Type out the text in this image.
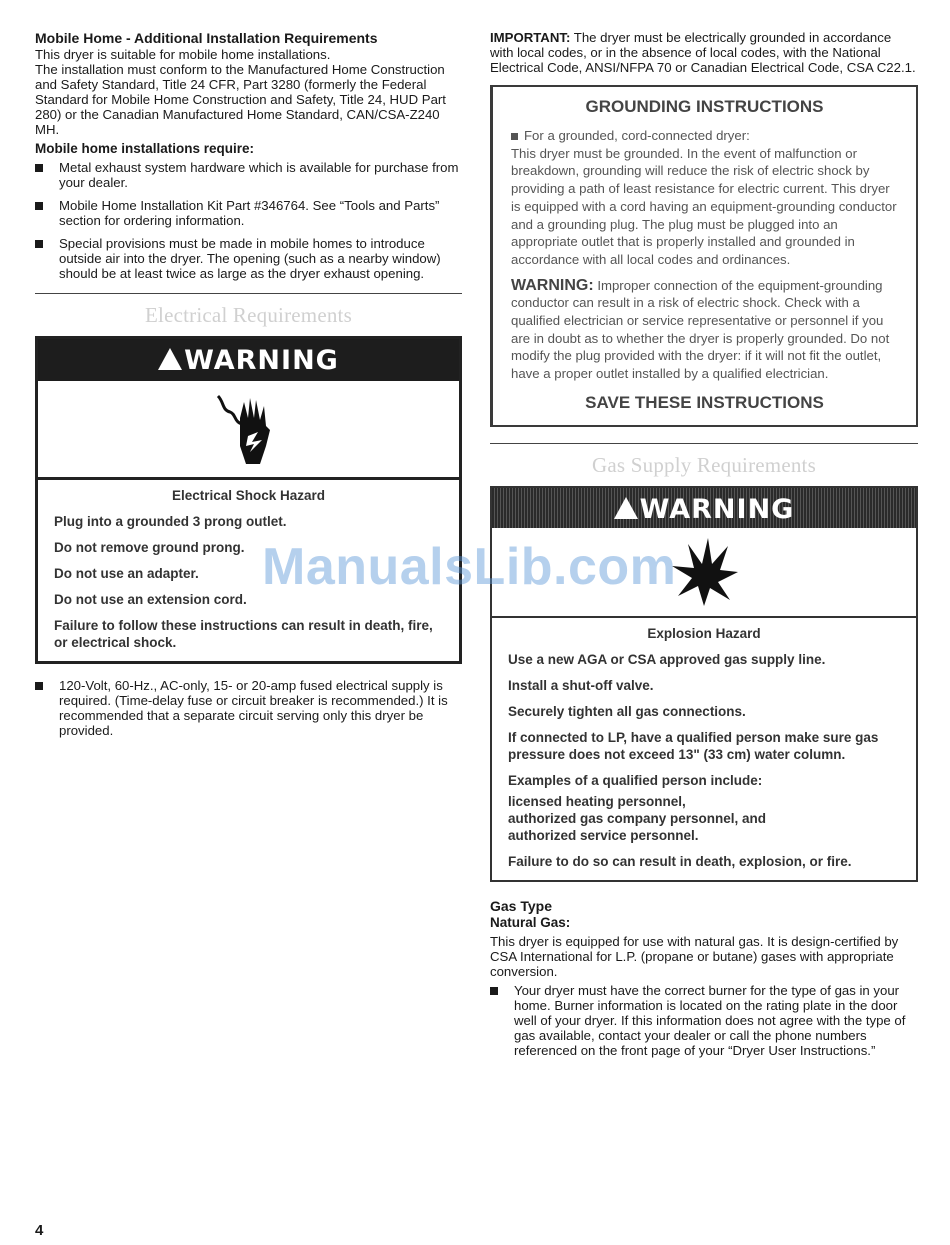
Mobile Home - Additional Installation Requirements

This dryer is suitable for mobile home installations.

The installation must conform to the Manufactured Home Construction and Safety Standard, Title 24 CFR, Part 3280 (formerly the Federal Standard for Mobile Home Construction and Safety, Title 24, HUD Part 280) or the Canadian Manufactured Home Standard, CAN/CSA-Z240 MH.

Mobile home installations require:
Metal exhaust system hardware which is available for purchase from your dealer.
Mobile Home Installation Kit Part #346764. See “Tools and Parts” section for ordering information.
Special provisions must be made in mobile homes to introduce outside air into the dryer. The opening (such as a nearby window) should be at least twice as large as the dryer exhaust opening.
Electrical Requirements
WARNING
Electrical Shock Hazard
Plug into a grounded 3 prong outlet.
Do not remove ground prong.
Do not use an adapter.
Do not use an extension cord.
Failure to follow these instructions can result in death, fire, or electrical shock.
120-Volt, 60-Hz., AC-only, 15- or 20-amp fused electrical supply is required. (Time-delay fuse or circuit breaker is recommended.) It is recommended that a separate circuit serving only this dryer be provided.

IMPORTANT: The dryer must be electrically grounded in accordance with local codes, or in the absence of local codes, with the National Electrical Code, ANSI/NFPA 70 or Canadian Electrical Code, CSA C22.1.

GROUNDING INSTRUCTIONS

For a grounded, cord-connected dryer:

This dryer must be grounded. In the event of malfunction or breakdown, grounding will reduce the risk of electric shock by providing a path of least resistance for electric current. This dryer is equipped with a cord having an equipment-grounding conductor and a grounding plug. The plug must be plugged into an appropriate outlet that is properly installed and grounded in accordance with all local codes and ordinances.

WARNING: Improper connection of the equipment-grounding conductor can result in a risk of electric shock. Check with a qualified electrician or service representative or personnel if you are in doubt as to whether the dryer is properly grounded. Do not modify the plug provided with the dryer: if it will not fit the outlet, have a proper outlet installed by a qualified electrician.

SAVE THESE INSTRUCTIONS
Gas Supply Requirements
WARNING
Explosion Hazard
Use a new AGA or CSA approved gas supply line.
Install a shut-off valve.
Securely tighten all gas connections.
If connected to LP, have a qualified person make sure gas pressure does not exceed 13" (33 cm) water column.
Examples of a qualified person include:
licensed heating personnel,
authorized gas company personnel, and
authorized service personnel.
Failure to do so can result in death, explosion, or fire.
Gas Type
Natural Gas:

This dryer is equipped for use with natural gas. It is design-certified by CSA International for L.P. (propane or butane) gases with appropriate conversion.

Your dryer must have the correct burner for the type of gas in your home. Burner information is located on the rating plate in the door well of your dryer. If this information does not agree with the type of gas available, contact your dealer or call the phone numbers referenced on the front page of your “Dryer User Instructions.”
ManualsLib.com
4
